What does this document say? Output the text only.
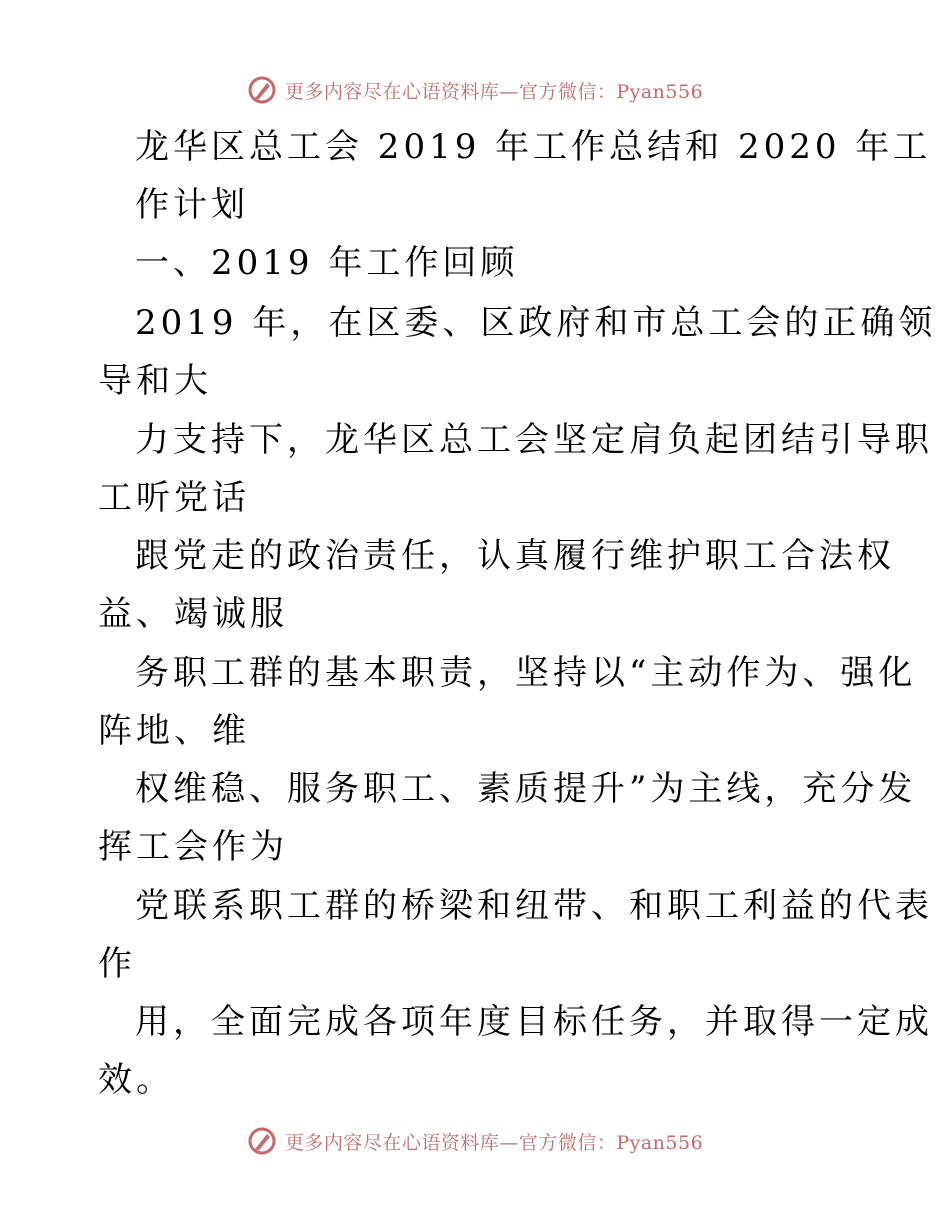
更多内容尽在心语资料库—官方微信：Pyan556
龙华区总工会 2019 年工作总结和 2020 年工
作计划
一、2019 年工作回顾
2019 年，在区委、区政府和市总工会的正确领
导和大
力支持下，龙华区总工会坚定肩负起团结引导职
工听党话
跟党走的政治责任，认真履行维护职工合法权
益、竭诚服
务职工群的基本职责，坚持以“主动作为、强化
阵地、维
权维稳、服务职工、素质提升”为主线，充分发
挥工会作为
党联系职工群的桥梁和纽带、和职工利益的代表
作
用，全面完成各项年度目标任务，并取得一定成
效。
更多内容尽在心语资料库—官方微信：Pyan556
